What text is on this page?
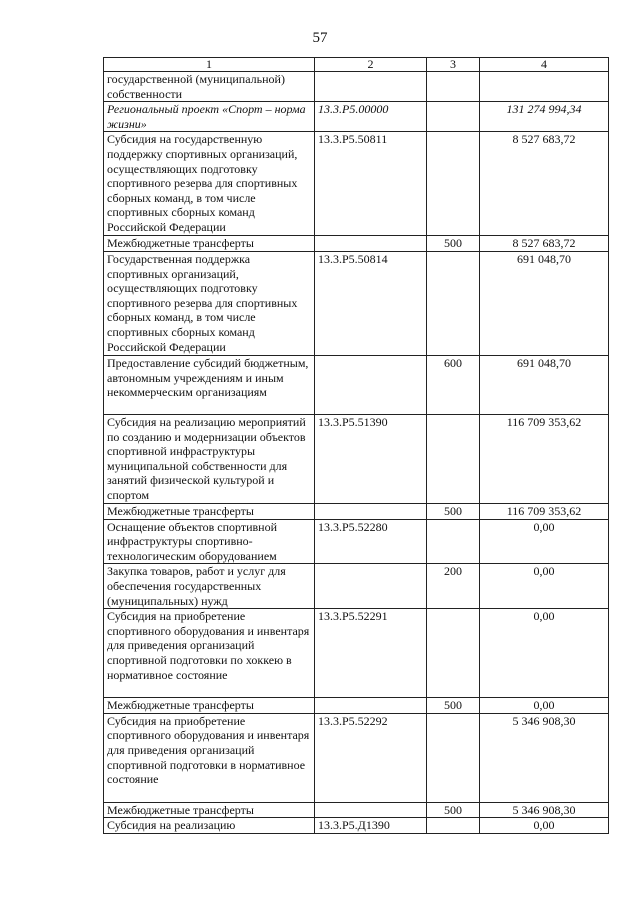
57
1	2	3	4
государственной (муниципальной) собственности			
Региональный проект «Спорт – норма жизни»	13.3.P5.00000		131 274 994,34
Субсидия на государственную поддержку спортивных организаций, осуществляющих подготовку спортивного резерва для спортивных сборных команд, в том числе спортивных сборных команд Российской Федерации	13.3.P5.50811		8 527 683,72
Межбюджетные трансферты		500	8 527 683,72
Государственная поддержка спортивных организаций, осуществляющих подготовку спортивного резерва для спортивных сборных команд, в том числе спортивных сборных команд Российской Федерации	13.3.P5.50814		691 048,70
Предоставление субсидий бюджетным, автономным учреждениям и иным некоммерческим организациям		600	691 048,70
Субсидия на реализацию мероприятий по созданию и модернизации объектов спортивной инфраструктуры муниципальной собственности для занятий физической культурой и спортом	13.3.P5.51390		116 709 353,62
Межбюджетные трансферты		500	116 709 353,62
Оснащение объектов спортивной инфраструктуры спортивно-технологическим оборудованием	13.3.P5.52280		0,00
Закупка товаров, работ и услуг для обеспечения государственных (муниципальных) нужд		200	0,00
Субсидия на приобретение спортивного оборудования и инвентаря для приведения организаций спортивной подготовки по хоккею в нормативное состояние	13.3.P5.52291		0,00
Межбюджетные трансферты		500	0,00
Субсидия на приобретение спортивного оборудования и инвентаря для приведения организаций спортивной подготовки в нормативное состояние	13.3.P5.52292		5 346 908,30
Межбюджетные трансферты		500	5 346 908,30
Субсидия на реализацию	13.3.P5.Д1390		0,00
